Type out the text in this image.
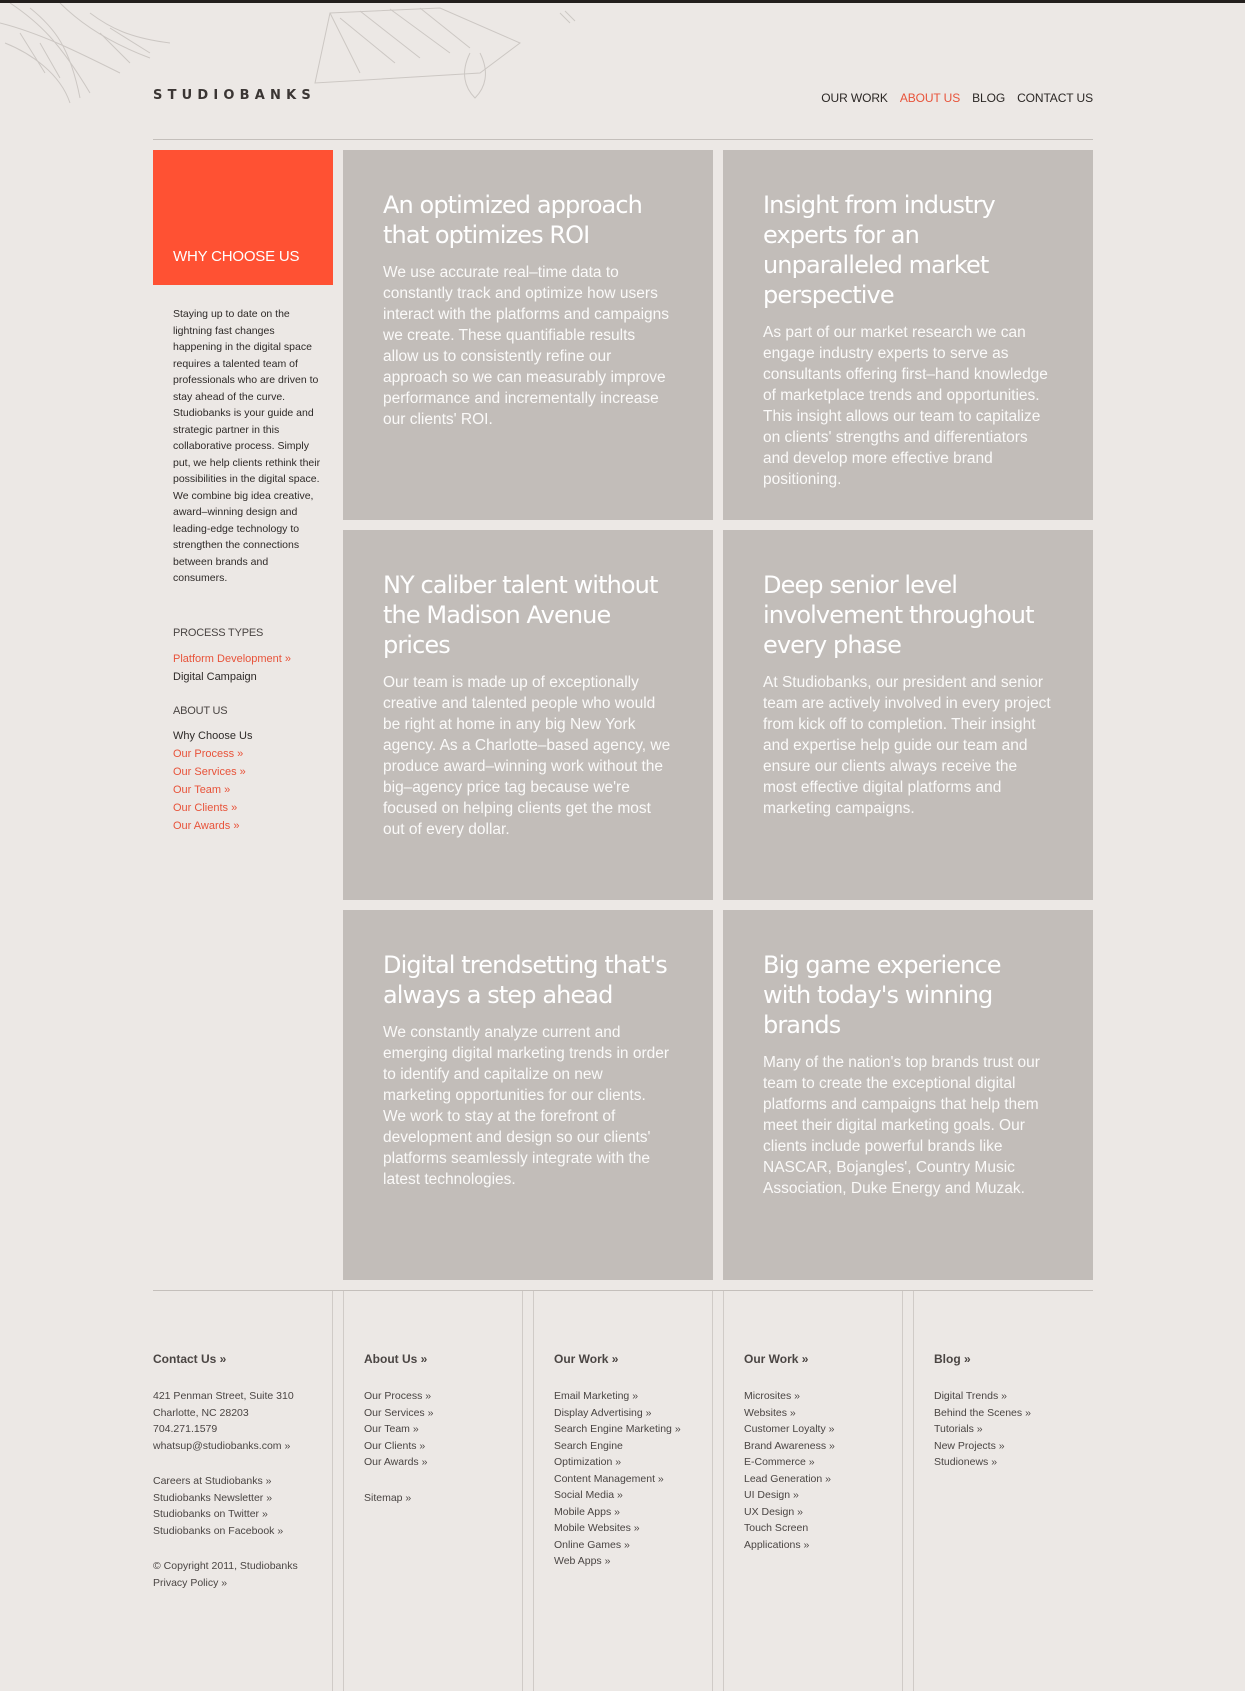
STUDIOBANKS	OUR WORK ABOUT US BLOG CONTACT US
WHY CHOOSE US
Staying up to date on the lightning fast changes happening in the digital space requires a talented team of professionals who are driven to stay ahead of the curve. Studiobanks is your guide and strategic partner in this collaborative process. Simply put, we help clients rethink their possibilities in the digital space. We combine big idea creative, award–winning design and leading-edge technology to strengthen the connections between brands and consumers.
PROCESS TYPES
Platform Development »
Digital Campaign
ABOUT US
Why Choose Us
Our Process »
Our Services »
Our Team »
Our Clients »
Our Awards »
An optimized approach that optimizes ROI

We use accurate real–time data to constantly track and optimize how users interact with the platforms and campaigns we create. These quantifiable results allow us to consistently refine our approach so we can measurably improve performance and incrementally increase our clients' ROI.

Insight from industry experts for an unparalleled market perspective

As part of our market research we can engage industry experts to serve as consultants offering first–hand knowledge of marketplace trends and opportunities. This insight allows our team to capitalize on clients' strengths and differentiators and develop more effective brand positioning.

NY caliber talent without the Madison Avenue prices

Our team is made up of exceptionally creative and talented people who would be right at home in any big New York agency. As a Charlotte–based agency, we produce award–winning work without the big–agency price tag because we're focused on helping clients get the most out of every dollar.

Deep senior level involvement throughout every phase

At Studiobanks, our president and senior team are actively involved in every project from kick off to completion. Their insight and expertise help guide our team and ensure our clients always receive the most effective digital platforms and marketing campaigns.

Digital trendsetting that's always a step ahead

We constantly analyze current and emerging digital marketing trends in order to identify and capitalize on new marketing opportunities for our clients. We work to stay at the forefront of development and design so our clients' platforms seamlessly integrate with the latest technologies.

Big game experience with today's winning brands

Many of the nation's top brands trust our team to create the exceptional digital platforms and campaigns that help them meet their digital marketing goals. Our clients include powerful brands like NASCAR, Bojangles', Country Music Association, Duke Energy and Muzak.

Contact Us »
421 Penman Street, Suite 310
Charlotte, NC 28203
704.271.1579
whatsup@studiobanks.com »
Careers at Studiobanks »
Studiobanks Newsletter »
Studiobanks on Twitter »
Studiobanks on Facebook »
© Copyright 2011, Studiobanks
Privacy Policy »
About Us »
Our Process »
Our Services »
Our Team »
Our Clients »
Our Awards »
Sitemap »
Our Work »
Email Marketing »
Display Advertising »
Search Engine Marketing »
Search Engine
Optimization »
Content Management »
Social Media »
Mobile Apps »
Mobile Websites »
Online Games »
Web Apps »
Our Work »
Microsites »
Websites »
Customer Loyalty »
Brand Awareness »
E-Commerce »
Lead Generation »
UI Design »
UX Design »
Touch Screen
Applications »
Blog »
Digital Trends »
Behind the Scenes »
Tutorials »
New Projects »
Studionews »
